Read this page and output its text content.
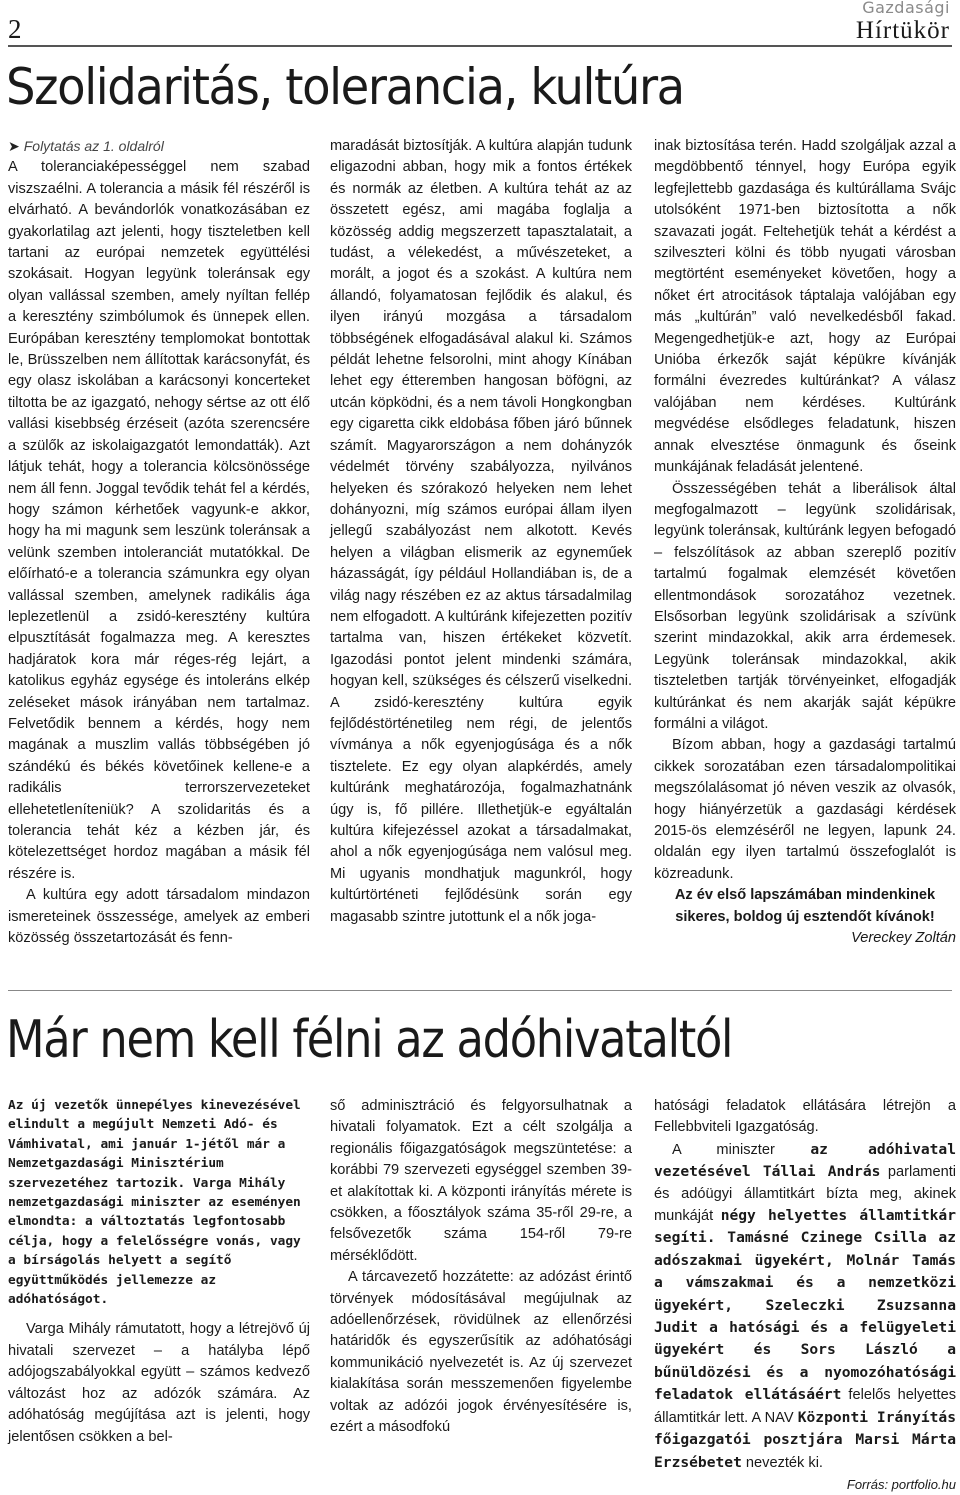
2
Gazdasági
Hírtükör
Szolidaritás, tolerancia, kultúra

➤ Folytatás az 1. oldalról

A toleranciaképességgel nem szabad viszszaélni. A tolerancia a másik fél részéről is elvárható. A bevándorlók vonatkozásában ez gyakorlatilag azt jelenti, hogy tiszteletben kell tartani az európai nemzetek együttélési szokásait. Hogyan legyünk toleránsak egy olyan vallással szemben, amely nyíltan fellép a keresztény szimbólumok és ünnepek ellen. Európában keresztény templomokat bontottak le, Brüsszelben nem állítottak karácsonyfát, és egy olasz iskolában a karácsonyi koncerteket tiltotta be az igazgató, nehogy sértse az ott élő vallási kisebbség érzéseit (azóta szerencsére a szülők az iskolaigazgatót lemondatták). Azt látjuk tehát, hogy a tolerancia kölcsönössége nem áll fenn. Joggal tevődik tehát fel a kérdés, hogy számon kérhetőek vagyunk-e akkor, hogy ha mi magunk sem leszünk toleránsak a velünk szemben intoleranciát mutatókkal. De előírható-e a tolerancia számunkra egy olyan vallással szemben, amelynek radikális ága leplezetlenül a zsidó-keresztény kultúra elpusztítását fogalmazza meg. A keresztes hadjáratok kora már réges-rég lejárt, a katolikus egyház egysége és intoleráns elkép zeléseket mások irányában nem tartalmaz. Felvetődik bennem a kérdés, hogy nem magának a muszlim vallás többségében jó szándékú és békés követőinek kellene-e a radikális terrorszervezeteket ellehetetleníteniük? A szolidaritás és a tolerancia tehát kéz a kézben jár, és kötelezettséget hordoz magában a másik fél részére is.

A kultúra egy adott társadalom mindazon ismereteinek összessége, amelyek az emberi közösség összetartozását és fenn-

maradását biztosítják. A kultúra alapján tudunk eligazodni abban, hogy mik a fontos értékek és normák az életben. A kultúra tehát az az összetett egész, ami magába foglalja a közösség addig megszerzett tapasztalatait, a tudást, a vélekedést, a művészeteket, a morált, a jogot és a szokást. A kultúra nem állandó, folyamatosan fejlődik és alakul, és ilyen irányú mozgása a társadalom többségének elfogadásával alakul ki. Számos példát lehetne felsorolni, mint ahogy Kínában lehet egy étteremben hangosan böfögni, az utcán köpködni, és a nem távoli Hongkongban egy cigaretta cikk eldobása főben járó bűnnek számít. Magyarországon a nem dohányzók védelmét törvény szabályozza, nyilvános helyeken és szórakozó helyeken nem lehet dohányozni, míg számos európai állam ilyen jellegű szabályozást nem alkotott. Kevés helyen a világban elismerik az egyneműek házasságát, így például Hollandiában is, de a világ nagy részében ez az aktus társadalmilag nem elfogadott. A kultúránk kifejezetten pozitív tartalma van, hiszen értékeket közvetít. Igazodási pontot jelent mindenki számára, hogyan kell, szükséges és célszerű viselkedni. A zsidó-keresztény kultúra egyik fejlődéstörténetileg nem régi, de jelentős vívmánya a nők egyenjogúsága és a nők tisztelete. Ez egy olyan alapkérdés, amely kultúránk meghatározója, fogalmazhatnánk úgy is, fő pillére. Illethetjük-e egyáltalán kultúra kifejezéssel azokat a társadalmakat, ahol a nők egyenjogúsága nem valósul meg. Mi ugyanis mondhatjuk magunkról, hogy kultúrtörténeti fejlődésünk során egy magasabb szintre jutottunk el a nők joga-

inak biztosítása terén. Hadd szolgáljak azzal a megdöbbentő ténnyel, hogy Európa egyik legfejlettebb gazdasága és kultúrállama Svájc utolsóként 1971-ben biztosította a nők szavazati jogát. Feltehetjük tehát a kérdést a szilveszteri kölni és több nyugati városban megtörtént eseményeket követően, hogy a nőket ért atrocitások táptalaja valójában egy más „kultúrán” való nevelkedésből fakad. Megengedhetjük-e azt, hogy az Európai Unióba érkezők saját képükre kívánják formálni évezredes kultúránkat? A válasz valójában nem kérdéses. Kultúránk megvédése elsődleges feladatunk, hiszen annak elvesztése önmagunk és őseink munkájának feladását jelentené.

Összességében tehát a liberálisok által megfogalmazott – legyünk szolidárisak, legyünk toleránsak, kultúránk legyen befogadó – felszólítások az abban szereplő pozitív tartalmú fogalmak elemzését követően ellentmondások sorozatához vezetnek. Elsősorban legyünk szolidárisak a szívünk szerint mindazokkal, akik arra érdemesek. Legyünk toleránsak mindazokkal, akik tiszteletben tartják törvényeinket, elfogadják kultúránkat és nem akarják saját képükre formálni a világot.

Bízom abban, hogy a gazdasági tartalmú cikkek sorozatában ezen társadalompolitikai megszólalásomat jó néven veszik az olvasók, hogy hiányérzetük a gazdasági kérdések 2015-ös elemzéséről ne legyen, lapunk 24. oldalán egy ilyen tartalmú összefoglalót is közreadunk.

Az év első lapszámában mindenkinek sikeres, boldog új esztendőt kívánok!

Vereckey Zoltán

Már nem kell félni az adóhivataltól

Az új vezetők ünnepélyes kinevezésével elindult a megújult Nemzeti Adó- és Vámhivatal, ami január 1-jétől már a Nemzetgazdasági Minisztérium szervezetéhez tartozik. Varga Mihály nemzetgazdasági miniszter az eseményen elmondta: a változtatás legfontosabb célja, hogy a felelősségre vonás, vagy a bírságolás helyett a segítő együttműködés jellemezze az adóhatóságot.

Varga Mihály rámutatott, hogy a létrejövő új hivatali szervezet – a hatályba lépő adójogszabályokkal együtt – számos kedvező változást hoz az adózók számára. Az adóhatóság megújítása azt is jelenti, hogy jelentősen csökken a bel-

ső adminisztráció és felgyorsulhatnak a hivatali folyamatok. Ezt a célt szolgálja a regionális főigazgatóságok megszüntetése: a korábbi 79 szervezeti egységgel szemben 39-et alakítottak ki. A központi irányítás mérete is csökken, a főosztályok száma 35-ről 29-re, a felsővezetők száma 154-ről 79-re mérséklődött.

A tárcavezető hozzátette: az adózást érintő törvények módosításával megújulnak az adóellenőrzések, rövidülnek az ellenőrzési határidők és egyszerűsítik az adóhatósági kommunikáció nyelvezetét is. Az új szervezet kialakítása során messzemenően figyelembe voltak az adózói jogok érvényesítésére is, ezért a másodfokú

hatósági feladatok ellátására létrejön a Fellebbviteli Igazgatóság.

A miniszter az adóhivatal vezetésével Tállai András parlamenti és adóügyi államtitkárt bízta meg, akinek munkáját négy helyettes államtitkár segíti. Tamásné Czinege Csilla az adószakmai ügyekért, Molnár Tamás a vámszakmai és a nemzetközi ügyekért, Szeleczki Zsuzsanna Judit a hatósági és a felügyeleti ügyekért és Sors László a bűnüldözési és a nyomozóhatósági feladatok ellátásáért felelős helyettes államtitkár lett. A NAV Központi Irányítás főigazgatói posztjára Marsi Márta Erzsébetet nevezték ki.

Forrás: portfolio.hu
